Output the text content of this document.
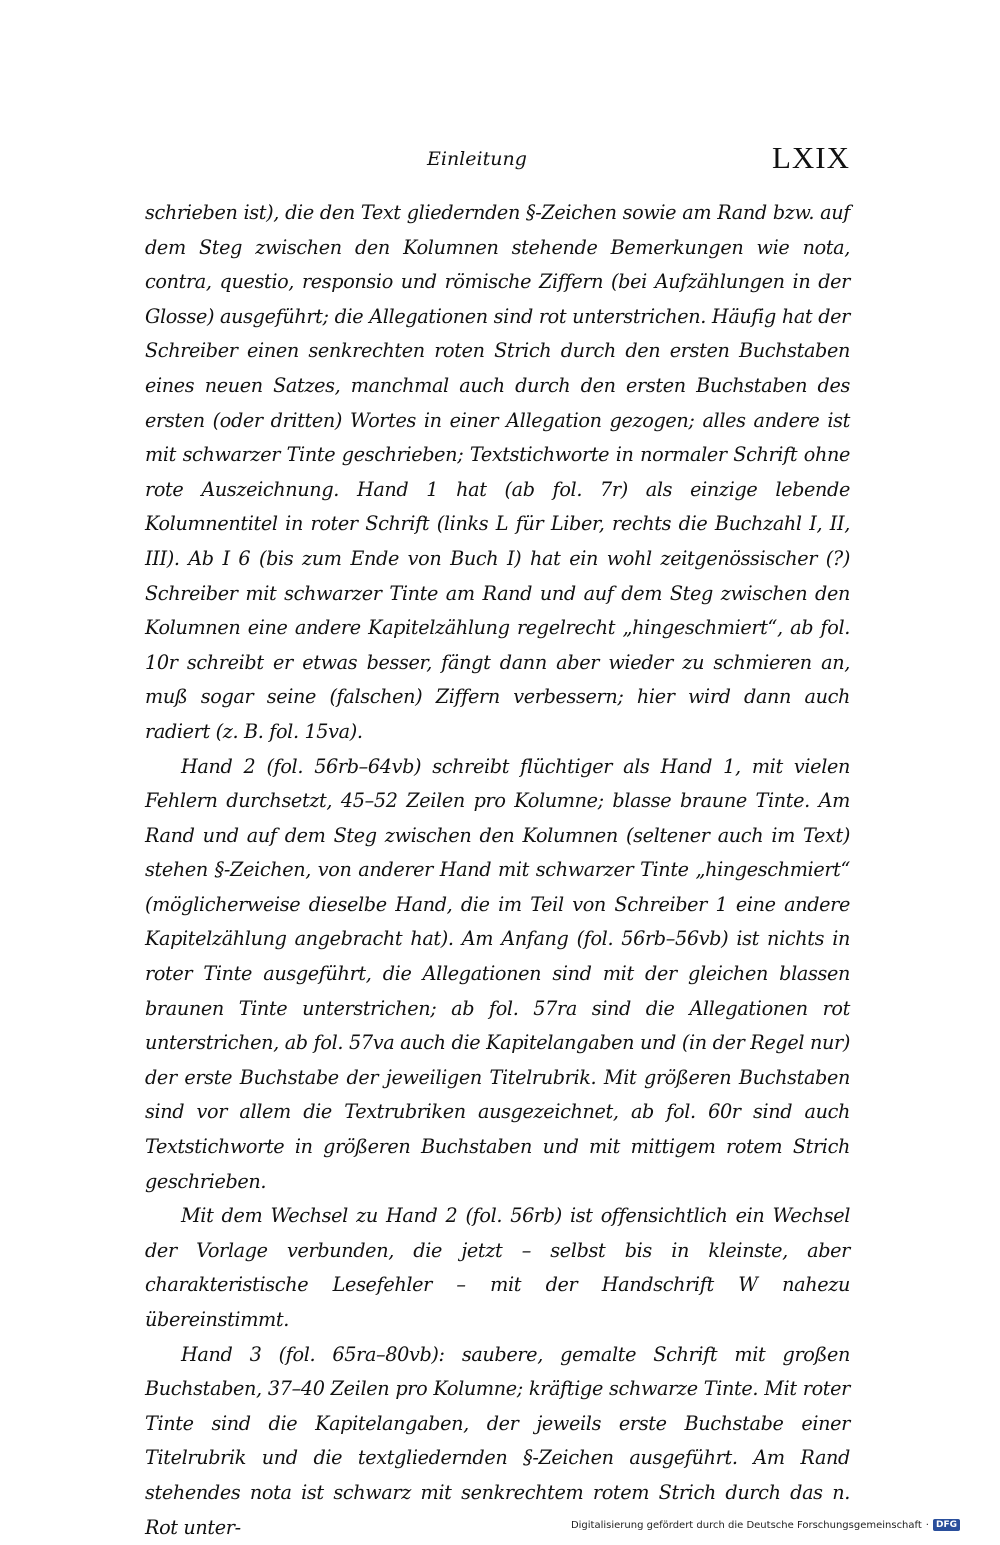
Einleitung	LXIX

schrieben ist), die den Text gliedernden §-Zeichen sowie am Rand bzw. auf dem Steg zwischen den Kolumnen stehende Bemerkungen wie nota, contra, questio, responsio und römische Ziffern (bei Aufzählungen in der Glosse) ausgeführt; die Allegationen sind rot unterstrichen. Häufig hat der Schreiber einen senkrechten roten Strich durch den ersten Buchstaben eines neuen Satzes, manchmal auch durch den ersten Buchstaben des ersten (oder dritten) Wortes in einer Allegation gezogen; alles andere ist mit schwarzer Tinte geschrieben; Textstichworte in normaler Schrift ohne rote Auszeichnung. Hand 1 hat (ab fol. 7r) als einzige lebende Kolumnentitel in roter Schrift (links L für Liber, rechts die Buchzahl I, II, III). Ab I 6 (bis zum Ende von Buch I) hat ein wohl zeitgenössischer (?) Schreiber mit schwarzer Tinte am Rand und auf dem Steg zwischen den Kolumnen eine andere Kapitelzählung regelrecht „hingeschmiert“, ab fol. 10r schreibt er etwas besser, fängt dann aber wieder zu schmieren an, muß sogar seine (falschen) Ziffern verbessern; hier wird dann auch radiert (z. B. fol. 15va).

Hand 2 (fol. 56rb–64vb) schreibt flüchtiger als Hand 1, mit vielen Fehlern durchsetzt, 45–52 Zeilen pro Kolumne; blasse braune Tinte. Am Rand und auf dem Steg zwischen den Kolumnen (seltener auch im Text) stehen §-Zeichen, von anderer Hand mit schwarzer Tinte „hingeschmiert“ (möglicherweise dieselbe Hand, die im Teil von Schreiber 1 eine andere Kapitelzählung angebracht hat). Am Anfang (fol. 56rb–56vb) ist nichts in roter Tinte ausgeführt, die Allegationen sind mit der gleichen blassen braunen Tinte unterstrichen; ab fol. 57ra sind die Allegationen rot unterstrichen, ab fol. 57va auch die Kapitelangaben und (in der Regel nur) der erste Buchstabe der jeweiligen Titelrubrik. Mit größeren Buchstaben sind vor allem die Textrubriken ausgezeichnet, ab fol. 60r sind auch Textstichworte in größeren Buchstaben und mit mittigem rotem Strich geschrieben.

Mit dem Wechsel zu Hand 2 (fol. 56rb) ist offensichtlich ein Wechsel der Vorlage verbunden, die jetzt – selbst bis in kleinste, aber charakteristische Lesefehler – mit der Handschrift W nahezu übereinstimmt.

Hand 3 (fol. 65ra–80vb): saubere, gemalte Schrift mit großen Buchstaben, 37–40 Zeilen pro Kolumne; kräftige schwarze Tinte. Mit roter Tinte sind die Kapitelangaben, der jeweils erste Buchstabe einer Titelrubrik und die textgliedernden §-Zeichen ausgeführt. Am Rand stehendes nota ist schwarz mit senkrechtem rotem Strich durch das n. Rot unter-	Digitalisierung gefördert durch die Deutsche Forschungsgemeinschaft · DFG
